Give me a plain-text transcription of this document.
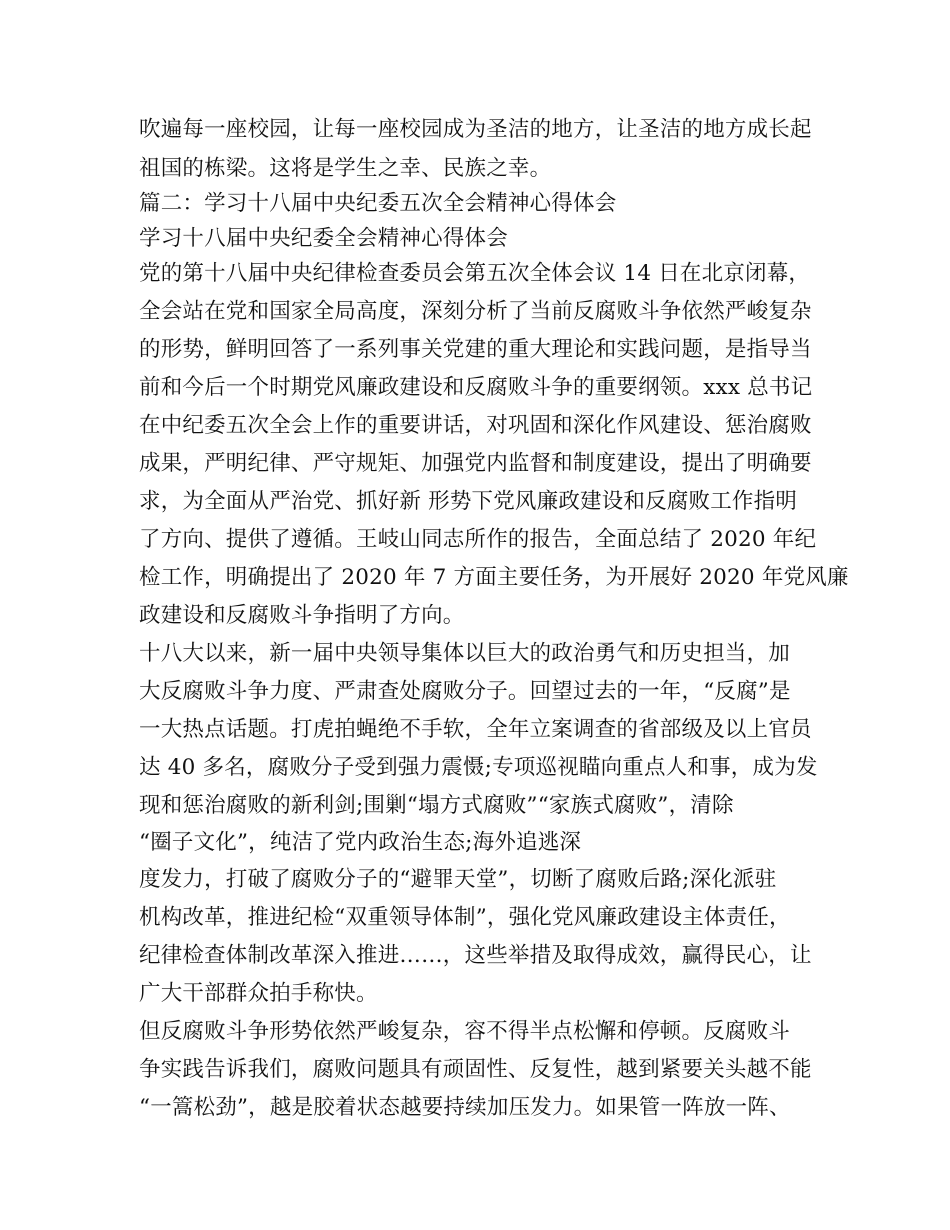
吹遍每一座校园，让每一座校园成为圣洁的地方，让圣洁的地方成长起
祖国的栋梁。这将是学生之幸、民族之幸。
篇二：学习十八届中央纪委五次全会精神心得体会
学习十八届中央纪委全会精神心得体会
党的第十八届中央纪律检查委员会第五次全体会议 14 日在北京闭幕，
全会站在党和国家全局高度，深刻分析了当前反腐败斗争依然严峻复杂
的形势，鲜明回答了一系列事关党建的重大理论和实践问题，是指导当
前和今后一个时期党风廉政建设和反腐败斗争的重要纲领。xxx 总书记
在中纪委五次全会上作的重要讲话，对巩固和深化作风建设、惩治腐败
成果，严明纪律、严守规矩、加强党内监督和制度建设，提出了明确要
求，为全面从严治党、抓好新 形势下党风廉政建设和反腐败工作指明
了方向、提供了遵循。王岐山同志所作的报告，全面总结了 2020 年纪
检工作，明确提出了 2020 年 7 方面主要任务，为开展好 2020 年党风廉
政建设和反腐败斗争指明了方向。
十八大以来，新一届中央领导集体以巨大的政治勇气和历史担当，加
大反腐败斗争力度、严肃查处腐败分子。回望过去的一年，“反腐”是
一大热点话题。打虎拍蝇绝不手软，全年立案调查的省部级及以上官员
达 40 多名，腐败分子受到强力震慑;专项巡视瞄向重点人和事，成为发
现和惩治腐败的新利剑;围剿“塌方式腐败”“家族式腐败”，清除
“圈子文化”，纯洁了党内政治生态;海外追逃深
度发力，打破了腐败分子的“避罪天堂”，切断了腐败后路;深化派驻
机构改革，推进纪检“双重领导体制”，强化党风廉政建设主体责任，
纪律检查体制改革深入推进……，这些举措及取得成效，赢得民心，让
广大干部群众拍手称快。
但反腐败斗争形势依然严峻复杂，容不得半点松懈和停顿。反腐败斗
争实践告诉我们，腐败问题具有顽固性、反复性，越到紧要关头越不能
“一篙松劲”，越是胶着状态越要持续加压发力。如果管一阵放一阵、
